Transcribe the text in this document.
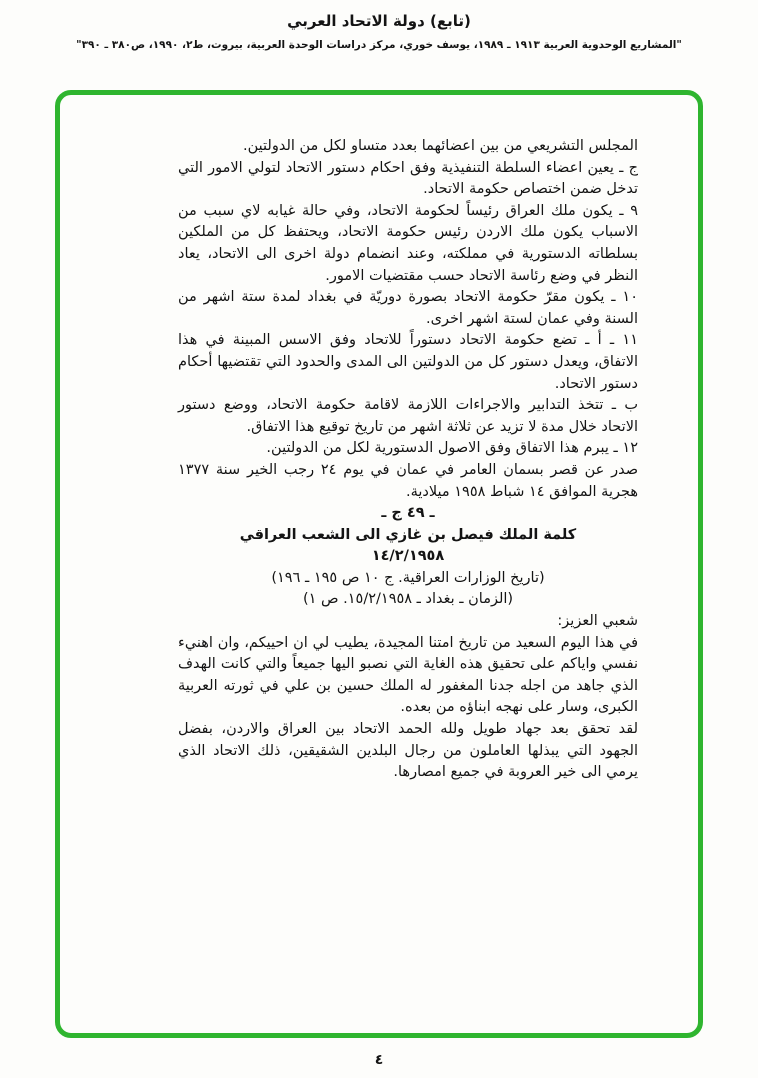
(تابع) دولة الاتحاد العربي
"المشاريع الوحدوية العربية ١٩١٣ ـ ١٩٨٩، يوسف خوري، مركز دراسات الوحدة العربية، بيروت، ط٢، ١٩٩٠، ص٣٨٠ ـ ٣٩٠"

المجلس التشريعي من بين اعضائهما بعدد متساو لكل من الدولتين.

ج ـ يعين اعضاء السلطة التنفيذية وفق احكام دستور الاتحاد لتولي الامور التي تدخل ضمن اختصاص حكومة الاتحاد.

٩ ـ يكون ملك العراق رئيساً لحكومة الاتحاد، وفي حالة غيابه لاي سبب من الاسباب يكون ملك الاردن رئيس حكومة الاتحاد، ويحتفظ كل من الملكين بسلطاته الدستورية في مملكته، وعند انضمام دولة اخرى الى الاتحاد، يعاد النظر في وضع رئاسة الاتحاد حسب مقتضيات الامور.

١٠ ـ يكون مقرّ حكومة الاتحاد بصورة دوريّة في بغداد لمدة ستة اشهر من السنة وفي عمان لستة اشهر اخرى.

١١ ـ أ ـ تضع حكومة الاتحاد دستوراً للاتحاد وفق الاسس المبينة في هذا الاتفاق، ويعدل دستور كل من الدولتين الى المدى والحدود التي تقتضيها أحكام دستور الاتحاد.

ب ـ تتخذ التدابير والاجراءات اللازمة لاقامة حكومة الاتحاد، ووضع دستور الاتحاد خلال مدة لا تزيد عن ثلاثة اشهر من تاريخ توقيع هذا الاتفاق.

١٢ ـ يبرم هذا الاتفاق وفق الاصول الدستورية لكل من الدولتين.

صدر عن قصر بسمان العامر في عمان في يوم ٢٤ رجب الخير سنة ١٣٧٧ هجرية الموافق ١٤ شباط ١٩٥٨ ميلادية.

ـ ٤٩ ج ـ

كلمة الملك فيصل بن غازي الى الشعب العراقي

١٤/٢/١٩٥٨

(تاريخ الوزارات العراقية. ج ١٠ ص ١٩٥ ـ ١٩٦)

(الزمان ـ بغداد ـ ١٥/٢/١٩٥٨. ص ١)

شعبي العزيز:

في هذا اليوم السعيد من تاريخ امتنا المجيدة، يطيب لي ان احييكم، وان اهنيء نفسي واياكم على تحقيق هذه الغاية التي نصبو اليها جميعاً والتي كانت الهدف الذي جاهد من اجله جدنا المغفور له الملك حسين بن علي في ثورته العربية الكبرى، وسار على نهجه ابناؤه من بعده.

لقد تحقق بعد جهاد طويل ولله الحمد الاتحاد بين العراق والاردن، بفضل الجهود التي يبذلها العاملون من رجال البلدين الشقيقين، ذلك الاتحاد الذي يرمي الى خير العروبة في جميع امصارها.

٤
